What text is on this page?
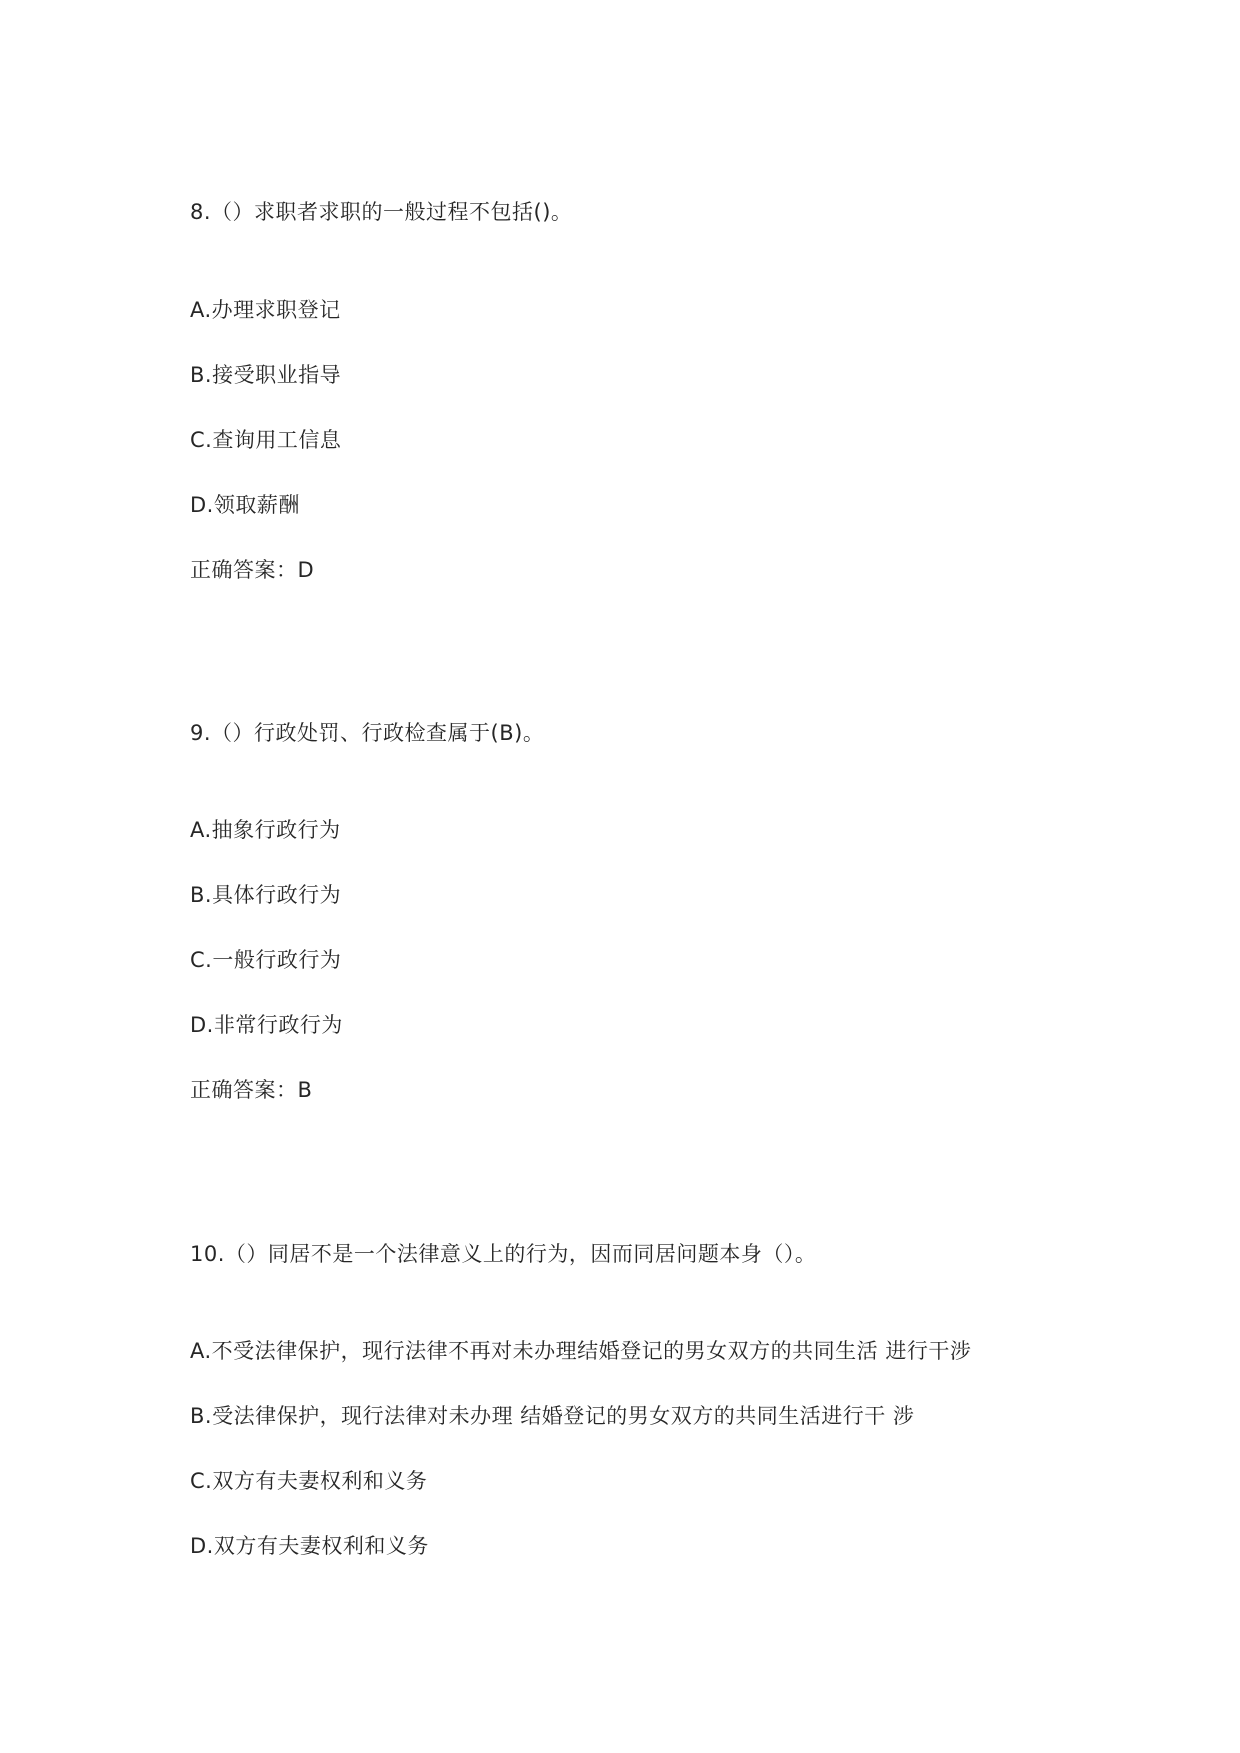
8.（）求职者求职的一般过程不包括()。
A.办理求职登记
B.接受职业指导
C.查询用工信息
D.领取薪酬
正确答案：D
9.（）行政处罚、行政检查属于(B)。
A.抽象行政行为
B.具体行政行为
C.一般行政行为
D.非常行政行为
正确答案：B
10.（）同居不是一个法律意义上的行为，因而同居问题本身（）。
A.不受法律保护，现行法律不再对未办理结婚登记的男女双方的共同生活 进行干涉
B.受法律保护，现行法律对未办理 结婚登记的男女双方的共同生活进行干 涉
C.双方有夫妻权利和义务
D.双方有夫妻权利和义务
